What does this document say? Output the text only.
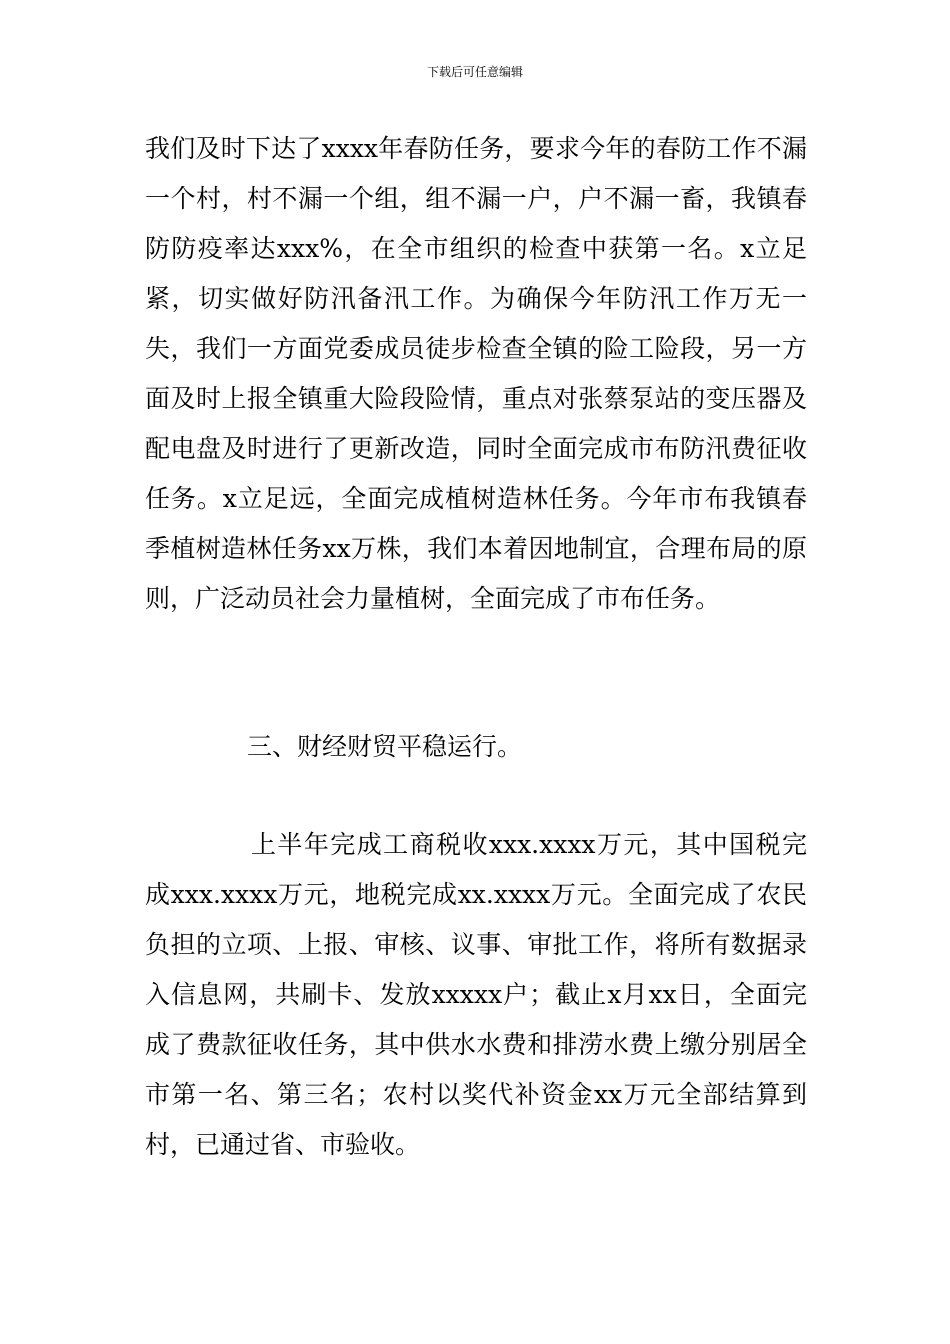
下载后可任意编辑

我们及时下达了xxxx年春防任务，要求今年的春防工作不漏一个村，村不漏一个组，组不漏一户，户不漏一畜，我镇春防防疫率达xxx%，在全市组织的检查中获第一名。x立足紧，切实做好防汛备汛工作。为确保今年防汛工作万无一失，我们一方面党委成员徒步检查全镇的险工险段，另一方面及时上报全镇重大险段险情，重点对张蔡泵站的变压器及配电盘及时进行了更新改造，同时全面完成市布防汛费征收任务。x立足远，全面完成植树造林任务。今年市布我镇春季植树造林任务xx万株，我们本着因地制宜，合理布局的原则，广泛动员社会力量植树，全面完成了市布任务。

三、财经财贸平稳运行。

上半年完成工商税收xxx.xxxx万元，其中国税完成xxx.xxxx万元，地税完成xx.xxxx万元。全面完成了农民负担的立项、上报、审核、议事、审批工作，将所有数据录入信息网，共刷卡、发放xxxxx户；截止x月xx日，全面完成了费款征收任务，其中供水水费和排涝水费上缴分别居全市第一名、第三名；农村以奖代补资金xx万元全部结算到村，已通过省、市验收。
